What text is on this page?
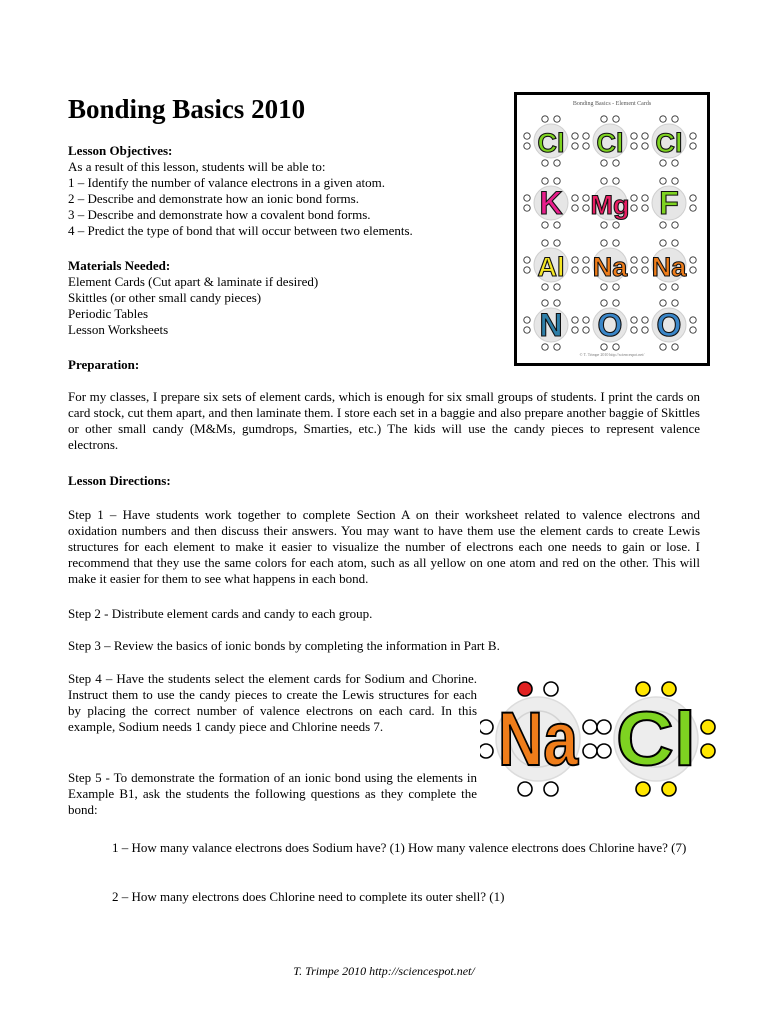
Bonding Basics 2010
Lesson Objectives:
As a result of this lesson, students will be able to:
1 – Identify the number of valance electrons in a given atom.
2 – Describe and demonstrate how an ionic bond forms.
3 – Describe and demonstrate how a covalent bond forms.
4 – Predict the type of bond that will occur between two elements.
Materials Needed:
Element Cards (Cut apart & laminate if desired)
Skittles (or other small candy pieces)
Periodic Tables
Lesson Worksheets
Bonding Basics - Element Cards
Cl Cl Cl
K Mg F
Al Na Na
N O O
© T. Trimpe 2010 http://sciencespot.net/
Preparation:

For my classes, I prepare six sets of element cards, which is enough for six small groups of students. I print the cards on card stock, cut them apart, and then laminate them. I store each set in a baggie and also prepare another baggie of Skittles or other small candy (M&Ms, gumdrops, Smarties, etc.) The kids will use the candy pieces to represent valence electrons.

Lesson Directions:

Step 1 – Have students work together to complete Section A on their worksheet related to valence electrons and oxidation numbers and then discuss their answers. You may want to have them use the element cards to create Lewis structures for each element to make it easier to visualize the number of electrons each one needs to gain or lose. I recommend that they use the same colors for each atom, such as all yellow on one atom and red on the other. This will make it easier for them to see what happens in each bond.

Step 2 - Distribute element cards and candy to each group.

Step 3 – Review the basics of ionic bonds by completing the information in Part B.

Step 4 – Have the students select the element cards for Sodium and Chorine. Instruct them to use the candy pieces to create the Lewis structures for each by placing the correct number of valence electrons on each card. In this example, Sodium needs 1 candy piece and Chlorine needs 7.	Na Cl

Step 5 - To demonstrate the formation of an ionic bond using the elements in Example B1, ask the students the following questions as they complete the bond:

1 – How many valance electrons does Sodium have? (1) How many valence electrons does Chlorine have? (7)

2 – How many electrons does Chlorine need to complete its outer shell? (1)

T. Trimpe 2010 http://sciencespot.net/
